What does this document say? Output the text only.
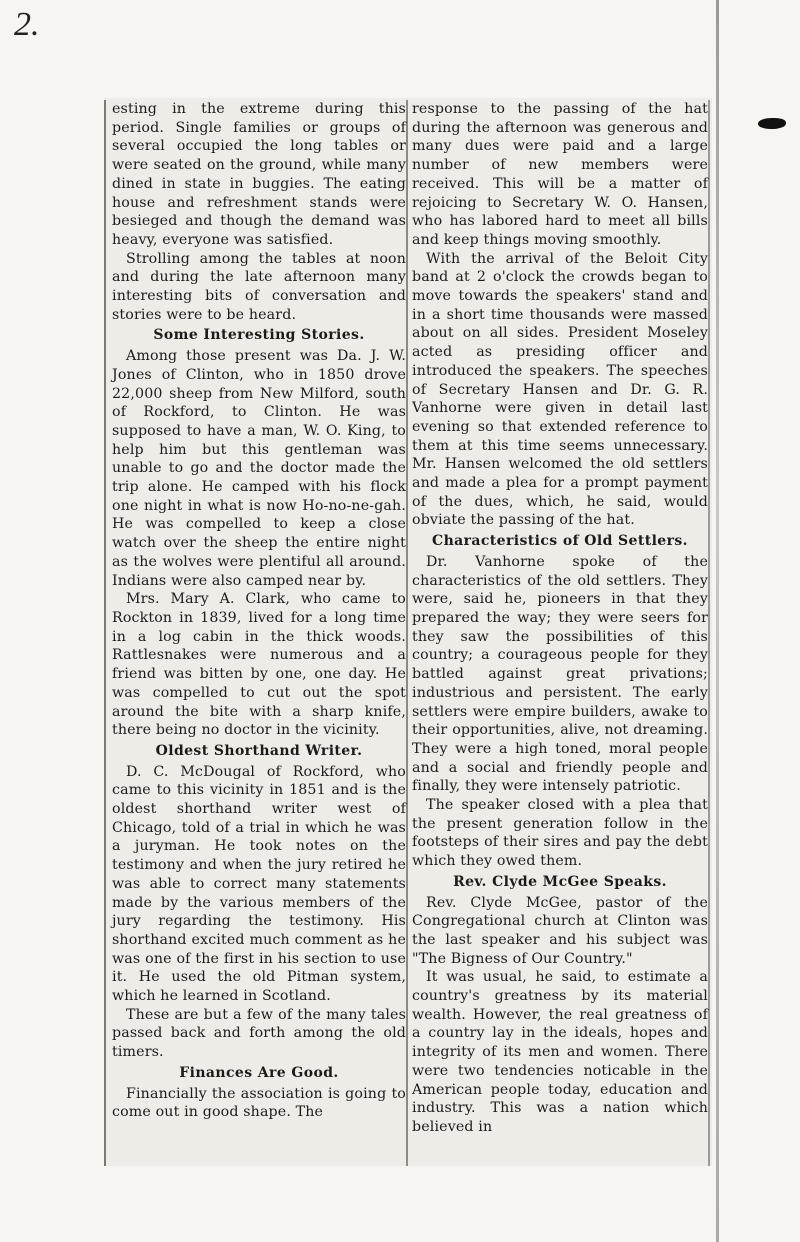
2.

esting in the extreme during this period. Single families or groups of several occupied the long tables or were seated on the ground, while many dined in state in buggies. The eating house and refreshment stands were besieged and though the demand was heavy, everyone was satisfied.

Strolling among the tables at noon and during the late afternoon many interesting bits of conversation and stories were to be heard.

Some Interesting Stories.

Among those present was Da. J. W. Jones of Clinton, who in 1850 drove 22,000 sheep from New Milford, south of Rockford, to Clinton. He was supposed to have a man, W. O. King, to help him but this gentleman was unable to go and the doctor made the trip alone. He camped with his flock one night in what is now Ho-no-ne-gah. He was compelled to keep a close watch over the sheep the entire night as the wolves were plentiful all around. Indians were also camped near by.

Mrs. Mary A. Clark, who came to Rockton in 1839, lived for a long time in a log cabin in the thick woods. Rattlesnakes were numerous and a friend was bitten by one, one day. He was compelled to cut out the spot around the bite with a sharp knife, there being no doctor in the vicinity.

Oldest Shorthand Writer.

D. C. McDougal of Rockford, who came to this vicinity in 1851 and is the oldest shorthand writer west of Chicago, told of a trial in which he was a juryman. He took notes on the testimony and when the jury retired he was able to correct many statements made by the various members of the jury regarding the testimony. His shorthand excited much comment as he was one of the first in his section to use it. He used the old Pitman system, which he learned in Scotland.

These are but a few of the many tales passed back and forth among the old timers.

Finances Are Good.

Financially the association is going to come out in good shape. The

response to the passing of the hat during the afternoon was generous and many dues were paid and a large number of new members were received. This will be a matter of rejoicing to Secretary W. O. Hansen, who has labored hard to meet all bills and keep things moving smoothly.

With the arrival of the Beloit City band at 2 o'clock the crowds began to move towards the speakers' stand and in a short time thousands were massed about on all sides. President Moseley acted as presiding officer and introduced the speakers. The speeches of Secretary Hansen and Dr. G. R. Vanhorne were given in detail last evening so that extended reference to them at this time seems unnecessary. Mr. Hansen welcomed the old settlers and made a plea for a prompt payment of the dues, which, he said, would obviate the passing of the hat.

Characteristics of Old Settlers.

Dr. Vanhorne spoke of the characteristics of the old settlers. They were, said he, pioneers in that they prepared the way; they were seers for they saw the possibilities of this country; a courageous people for they battled against great privations; industrious and persistent. The early settlers were empire builders, awake to their opportunities, alive, not dreaming. They were a high toned, moral people and a social and friendly people and finally, they were intensely patriotic.

The speaker closed with a plea that the present generation follow in the footsteps of their sires and pay the debt which they owed them.

Rev. Clyde McGee Speaks.

Rev. Clyde McGee, pastor of the Congregational church at Clinton was the last speaker and his subject was "The Bigness of Our Country."

It was usual, he said, to estimate a country's greatness by its material wealth. However, the real greatness of a country lay in the ideals, hopes and integrity of its men and women. There were two tendencies noticable in the American people today, education and industry. This was a nation which believed in
